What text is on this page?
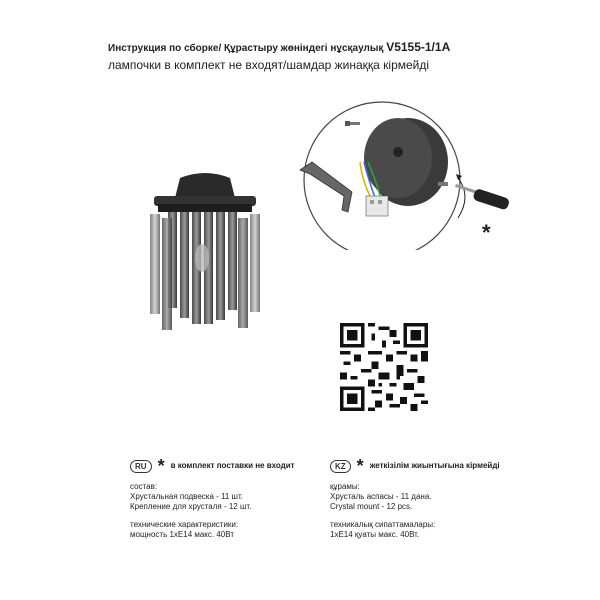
Инструкция по сборке/ Құрастыру жөніндегі нұсқаулық V5155-1/1A
лампочки в комплект не входят/шамдар жинаққа кірмейді
*
RU * в комплект поставки не входит
состав:
Хрустальная подвеска - 11 шт.
Крепление для хрусталя - 12 шт.
технические характеристики:
мощность 1хЕ14 макс. 40Вт
KZ * жеткізілім жиынтығына кірмейді
құрамы:
Хрусталь аспасы - 11 дана.
Crystal mount - 12 pcs.
техникалық сипаттамалары:
1хЕ14 қуаты макс. 40Вт.
